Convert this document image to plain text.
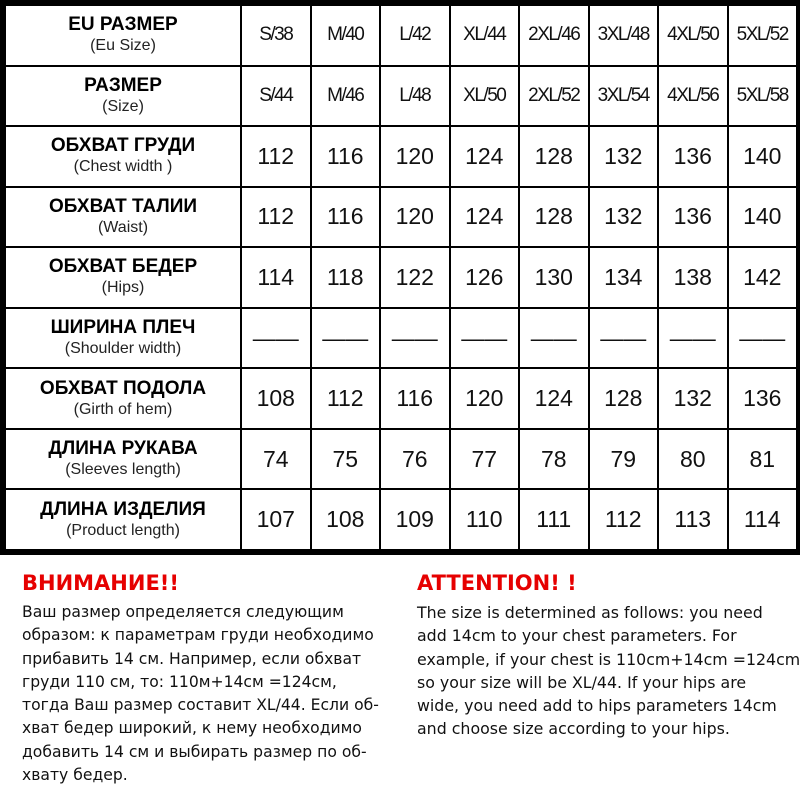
EU РАЗМЕР
(Eu Size)	S/38	M/40	L/42	XL/44	2XL/46	3XL/48	4XL/50	5XL/52

РАЗМЕР
(Size)	S/44	M/46	L/48	XL/50	2XL/52	3XL/54	4XL/56	5XL/58

ОБХВАТ ГРУДИ
(Chest width )	112	116	120	124	128	132	136	140

ОБХВАТ ТАЛИИ
(Waist)	112	116	120	124	128	132	136	140

ОБХВАТ БЕДЕР
(Hips)	114	118	122	126	130	134	138	142

ШИРИНА ПЛЕЧ
(Shoulder width)	——	——	——	——	——	——	——	——

ОБХВАТ ПОДОЛА
(Girth of hem)	108	112	116	120	124	128	132	136

ДЛИНА РУКАВА
(Sleeves length)	74	75	76	77	78	79	80	81

ДЛИНА ИЗДЕЛИЯ
(Product length)	107	108	109	110	111	112	113	114
ВНИМАНИЕ!!

Ваш размер определяется следующим
образом: к параметрам груди необходимо
прибавить 14 см. Например, если обхват
груди 110 см, то: 110м+14см =124см,
тогда Ваш размер составит XL/44. Если об-
хват бедер широкий, к нему необходимо
добавить 14 см и выбирать размер по об-
хвату бедер.

ATTENTION! !

The size is determined as follows: you need
add 14cm to your chest parameters. For
example, if your chest is 110cm+14cm =124cm
so your size will be XL/44. If your hips are
wide, you need add to hips parameters 14cm
and choose size according to your hips.
